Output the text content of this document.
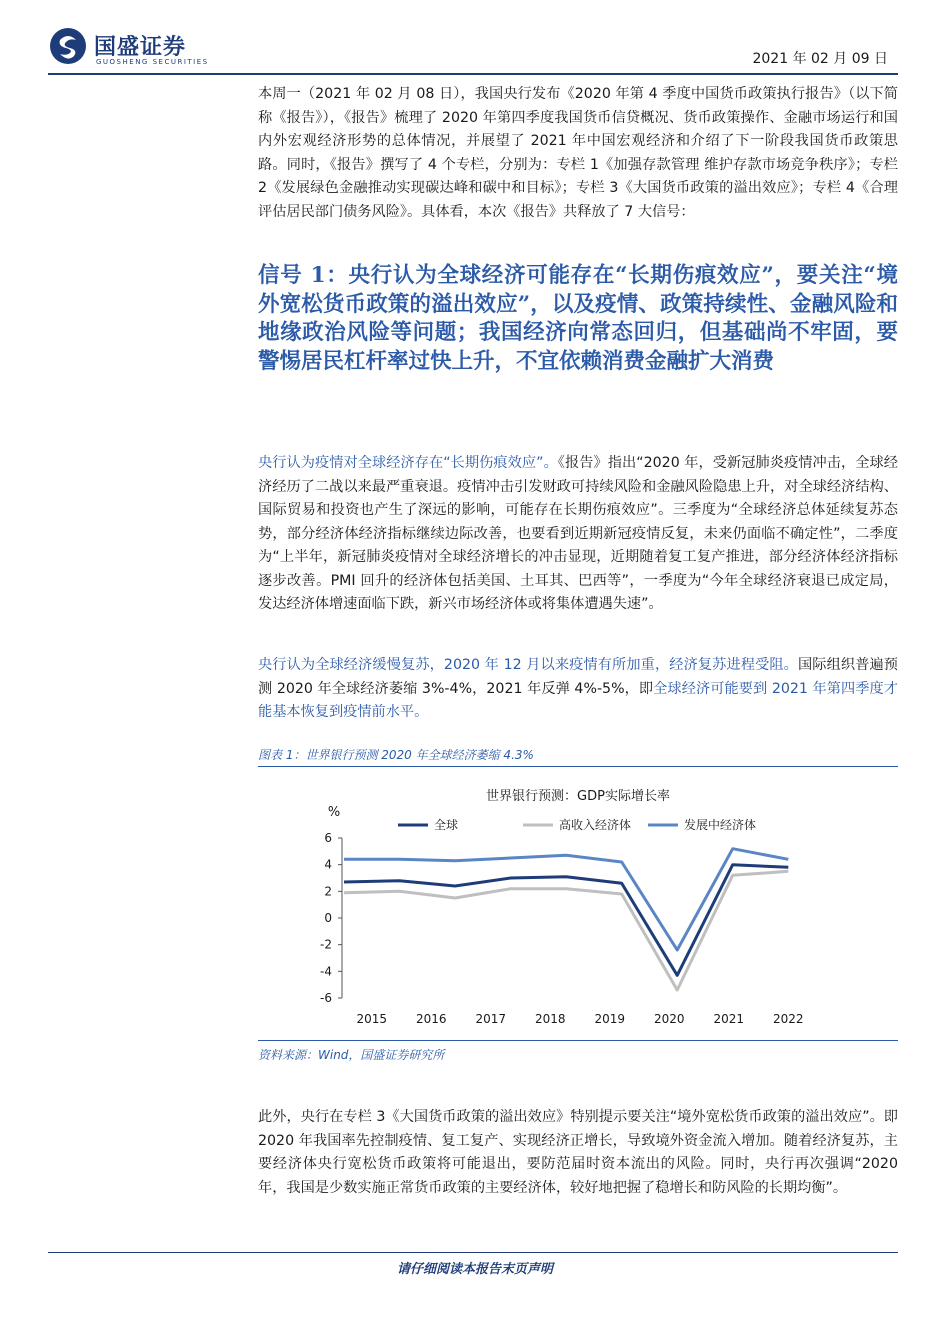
国盛证券
GUOSHENG SECURITIES	2021 年 02 月 09 日

本周一（2021 年 02 月 08 日），我国央行发布《2020 年第 4 季度中国货币政策执行报告》（以下简称《报告》），《报告》梳理了 2020 年第四季度我国货币信贷概况、货币政策操作、金融市场运行和国内外宏观经济形势的总体情况，并展望了 2021 年中国宏观经济和介绍了下一阶段我国货币政策思路。同时，《报告》撰写了 4 个专栏，分别为：专栏 1《加强存款管理 维护存款市场竞争秩序》；专栏 2《发展绿色金融推动实现碳达峰和碳中和目标》；专栏 3《大国货币政策的溢出效应》；专栏 4《合理评估居民部门债务风险》。具体看，本次《报告》共释放了 7 大信号：

信号 1：央行认为全球经济可能存在“长期伤痕效应”，要关注“境外宽松货币政策的溢出效应”，以及疫情、政策持续性、金融风险和地缘政治风险等问题；我国经济向常态回归，但基础尚不牢固，要警惕居民杠杆率过快上升，不宜依赖消费金融扩大消费

央行认为疫情对全球经济存在“长期伤痕效应”。《报告》指出“2020 年，受新冠肺炎疫情冲击，全球经济经历了二战以来最严重衰退。疫情冲击引发财政可持续风险和金融风险隐患上升，对全球经济结构、国际贸易和投资也产生了深远的影响，可能存在长期伤痕效应”。三季度为“全球经济总体延续复苏态势，部分经济体经济指标继续边际改善，也要看到近期新冠疫情反复，未来仍面临不确定性”，二季度为“上半年，新冠肺炎疫情对全球经济增长的冲击显现，近期随着复工复产推进，部分经济体经济指标逐步改善。PMI 回升的经济体包括美国、土耳其、巴西等”，一季度为“今年全球经济衰退已成定局，发达经济体增速面临下跌，新兴市场经济体或将集体遭遇失速”。

央行认为全球经济缓慢复苏，2020 年 12 月以来疫情有所加重，经济复苏进程受阻。国际组织普遍预测 2020 年全球经济萎缩 3%-4%，2021 年反弹 4%-5%，即全球经济可能要到 2021 年第四季度才能基本恢复到疫情前水平。

图表 1：世界银行预测 2020 年全球经济萎缩 4.3%
世界银行预测：GDP实际增长率
%
全球	高收入经济体	发展中经济体
6
4
2
0
-2
-4
-6
2015 2016 2017 2018 2019 2020 2021 2022
资料来源：Wind，国盛证券研究所

此外，央行在专栏 3《大国货币政策的溢出效应》特别提示要关注“境外宽松货币政策的溢出效应”。即 2020 年我国率先控制疫情、复工复产、实现经济正增长，导致境外资金流入增加。随着经济复苏，主要经济体央行宽松货币政策将可能退出，要防范届时资本流出的风险。同时，央行再次强调“2020 年，我国是少数实施正常货币政策的主要经济体，较好地把握了稳增长和防风险的长期均衡”。

请仔细阅读本报告末页声明
